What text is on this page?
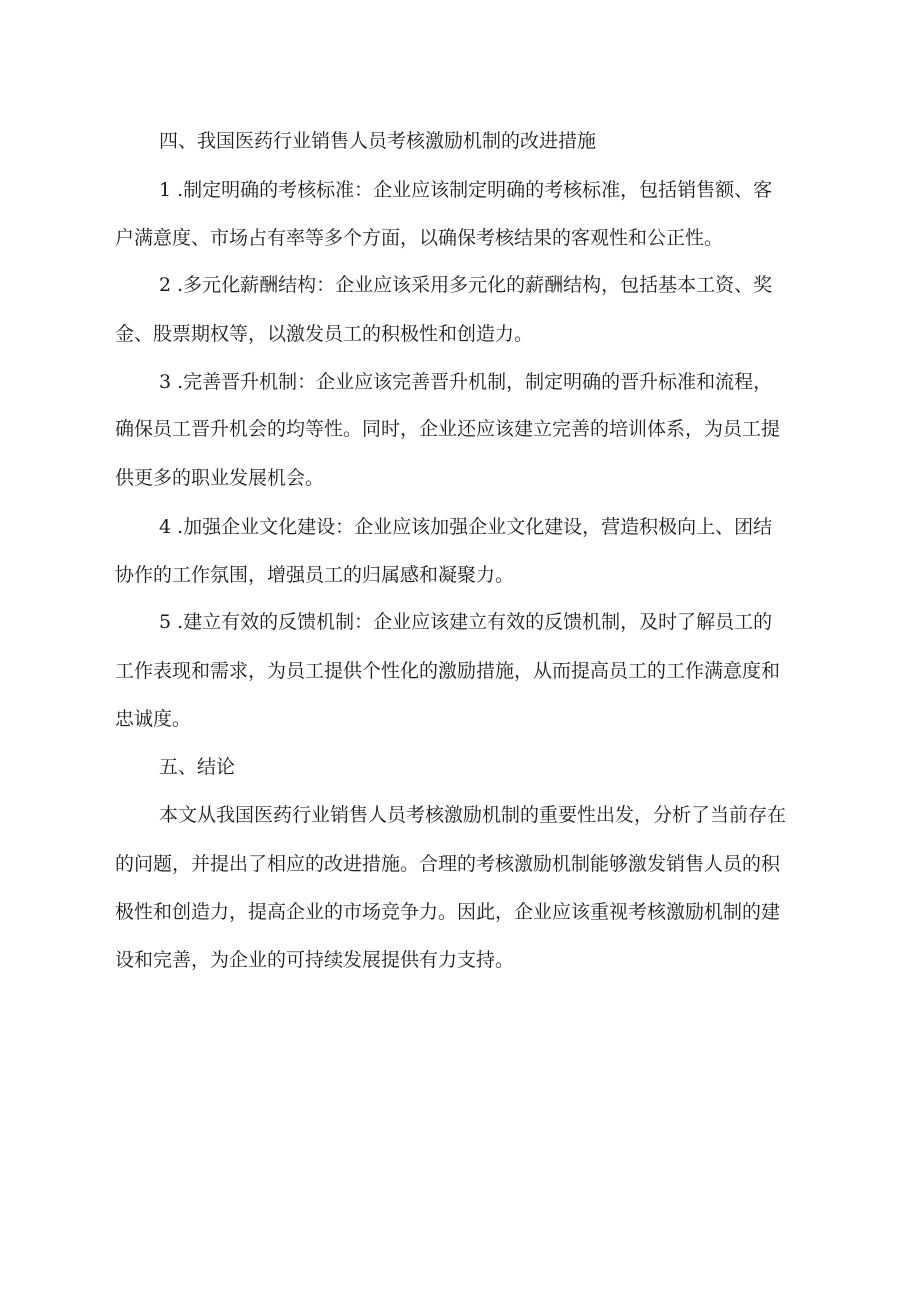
四、我国医药行业销售人员考核激励机制的改进措施
1 .制定明确的考核标准：企业应该制定明确的考核标准，包括销售额、客
户满意度、市场占有率等多个方面，以确保考核结果的客观性和公正性。
2 .多元化薪酬结构：企业应该采用多元化的薪酬结构，包括基本工资、奖
金、股票期权等，以激发员工的积极性和创造力。
3 .完善晋升机制：企业应该完善晋升机制，制定明确的晋升标准和流程，
确保员工晋升机会的均等性。同时，企业还应该建立完善的培训体系，为员工提
供更多的职业发展机会。
4 .加强企业文化建设：企业应该加强企业文化建设，营造积极向上、团结
协作的工作氛围，增强员工的归属感和凝聚力。
5 .建立有效的反馈机制：企业应该建立有效的反馈机制，及时了解员工的
工作表现和需求，为员工提供个性化的激励措施，从而提高员工的工作满意度和
忠诚度。
五、结论
本文从我国医药行业销售人员考核激励机制的重要性出发，分析了当前存在
的问题，并提出了相应的改进措施。合理的考核激励机制能够激发销售人员的积
极性和创造力，提高企业的市场竞争力。因此，企业应该重视考核激励机制的建
设和完善，为企业的可持续发展提供有力支持。
